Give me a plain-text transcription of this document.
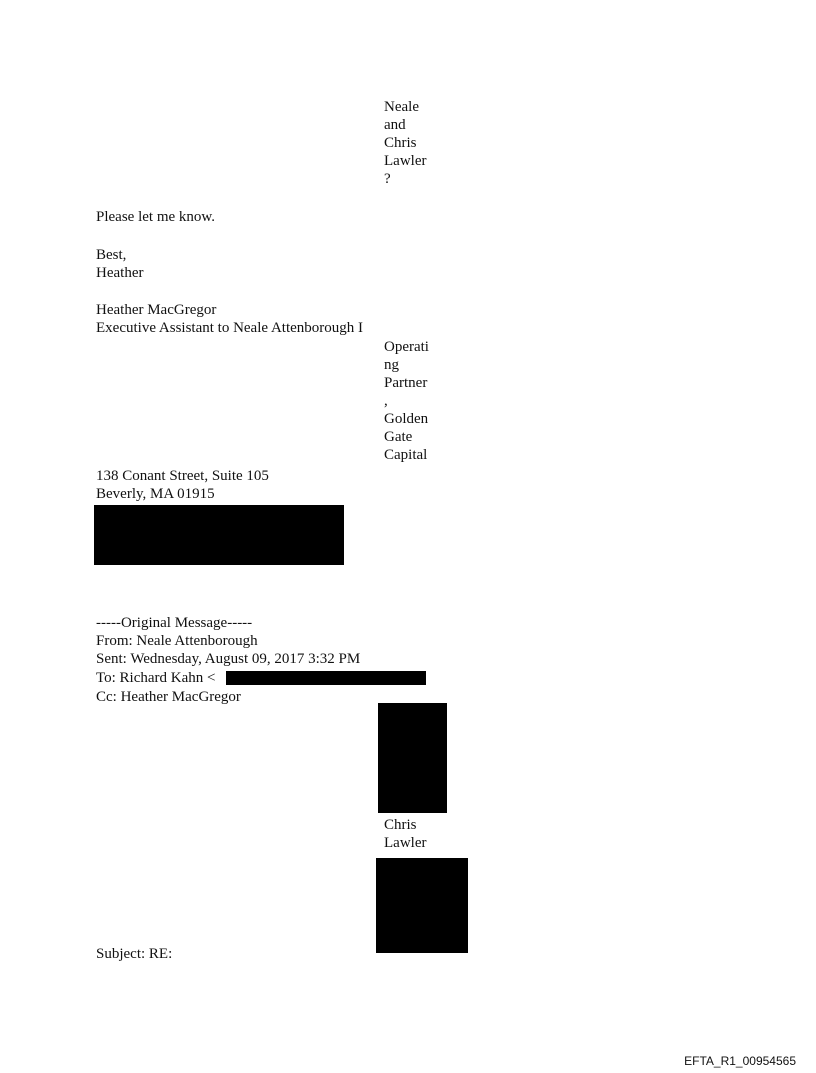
Neale
and
Chris
Lawler
?
Please let me know.
Best,
Heather
Heather MacGregor
Executive Assistant to Neale Attenborough I
Operati
ng
Partner
,
Golden
Gate
Capital
138 Conant Street, Suite 105
Beverly, MA 01915
-----Original Message-----
From: Neale Attenborough
Sent: Wednesday, August 09, 2017 3:32 PM
To: Richard Kahn <
Cc: Heather MacGregor
Chris
Lawler
Subject: RE:
EFTA_R1_00954565
